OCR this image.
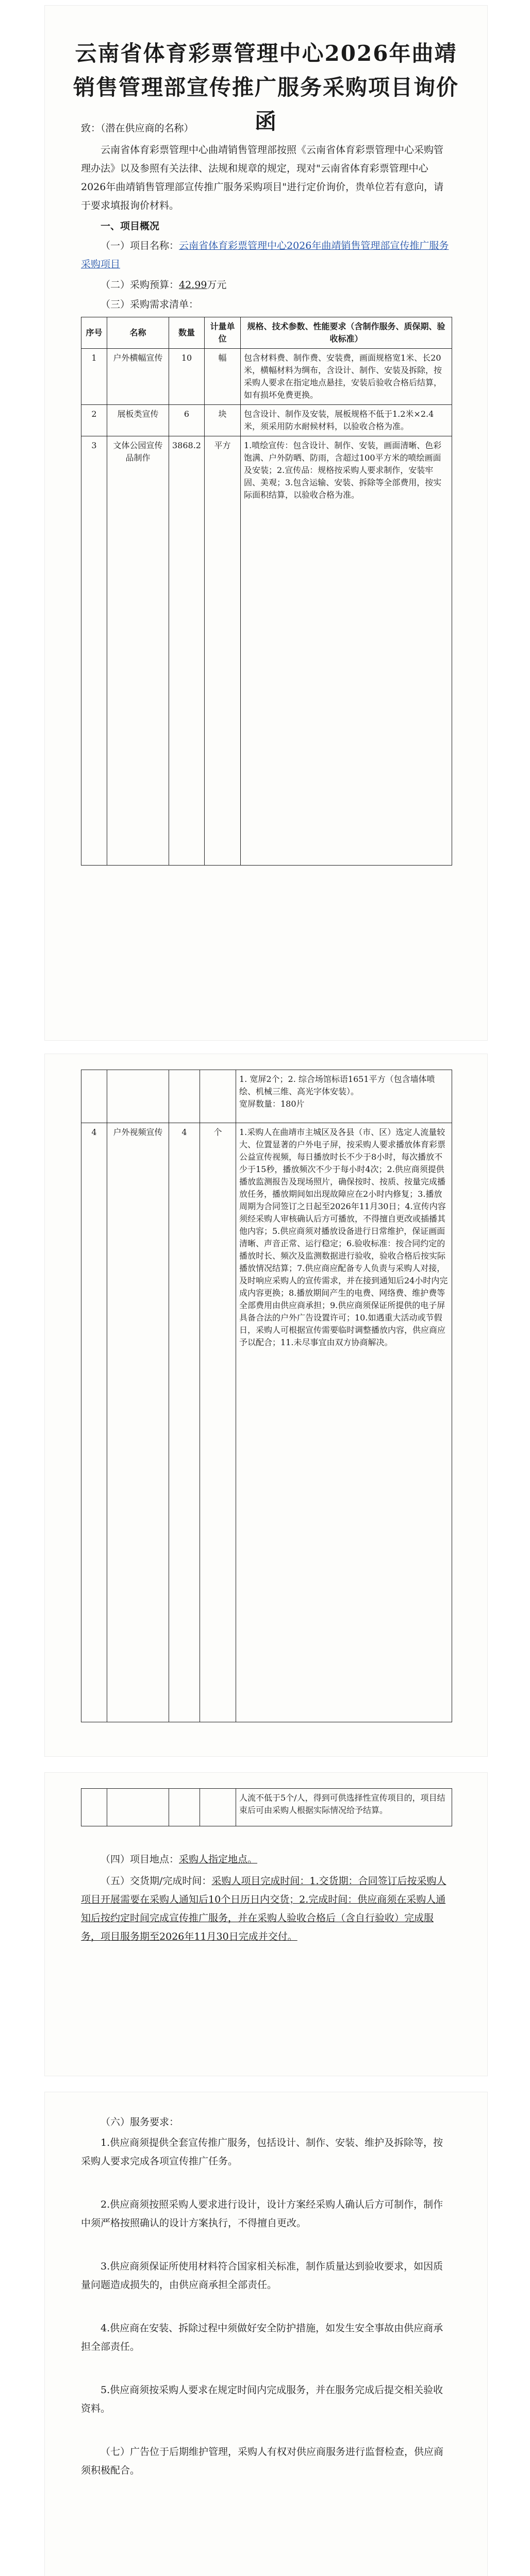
云南省体育彩票管理中心2026年曲靖销售管理部宣传推广服务采购项目询价函
致：（潜在供应商的名称）
云南省体育彩票管理中心曲靖销售管理部按照《云南省体育彩票管理中心采购管理办法》以及参照有关法律、法规和规章的规定，现对"云南省体育彩票管理中心2026年曲靖销售管理部宣传推广服务采购项目"进行定价询价，贵单位若有意向，请于要求填报询价材料。
一、项目概况
（一）项目名称：云南省体育彩票管理中心2026年曲靖销售管理部宣传推广服务采购项目
（二）采购预算：42.99万元
（三）采购需求清单：
序号	名称	数量	计量单位	规格、技术参数、性能要求（含制作服务、质保期、验收标准）
1	户外横幅宣传	10	幅	包含材料费、制作费、安装费，画面规格宽1米、长20米，横幅材料为绸布，含设计、制作、安装及拆除，按采购人要求在指定地点悬挂，安装后验收合格后结算，如有损坏免费更换。
2	展板类宣传	6	块	包含设计、制作及安装，展板规格不低于1.2米×2.4米，须采用防水耐候材料，以验收合格为准。
3	文体公园宣传品制作	3868.2	平方	1.喷绘宣传：包含设计、制作、安装，画面清晰、色彩饱满、户外防晒、防雨，含超过100平方米的喷绘画面及安装；2.宣传品：规格按采购人要求制作，安装牢固、美观；3.包含运输、安装、拆除等全部费用，按实际面积结算，以验收合格为准。

				1. 宽屏2个；2. 综合场馆标语1651平方（包含墙体喷绘、机械三维、高光字体安装）。
宽屏数量：180片

4	户外视频宣传	4	个	1.采购人在曲靖市主城区及各县（市、区）选定人流量较大、位置显著的户外电子屏，按采购人要求播放体育彩票公益宣传视频，每日播放时长不少于8小时，每次播放不少于15秒，播放频次不少于每小时4次；2.供应商须提供播放监测报告及现场照片，确保按时、按质、按量完成播放任务，播放期间如出现故障应在2小时内修复；3.播放周期为合同签订之日起至2026年11月30日；4.宣传内容须经采购人审核确认后方可播放，不得擅自更改或插播其他内容；5.供应商须对播放设备进行日常维护，保证画面清晰、声音正常、运行稳定；6.验收标准：按合同约定的播放时长、频次及监测数据进行验收，验收合格后按实际播放情况结算；7.供应商应配备专人负责与采购人对接，及时响应采购人的宣传需求，并在接到通知后24小时内完成内容更换；8.播放期间产生的电费、网络费、维护费等全部费用由供应商承担；9.供应商须保证所提供的电子屏具备合法的户外广告设置许可；10.如遇重大活动或节假日，采购人可根据宣传需要临时调整播放内容，供应商应予以配合；11.未尽事宜由双方协商解决。
				人流不低于5个/人，得到可供选择性宣传项目的，项目结束后可由采购人根据实际情况给予结算。
（四）项目地点：采购人指定地点。
（五）交货期/完成时间：采购人项目完成时间：1.交货期：合同签订后按采购人项目开展需要在采购人通知后10个日历日内交货；2.完成时间：供应商须在采购人通知后按约定时间完成宣传推广服务，并在采购人验收合格后（含自行验收）完成服务，项目服务期至2026年11月30日完成并交付。
（六）服务要求：
1.供应商须提供全套宣传推广服务，包括设计、制作、安装、维护及拆除等，按采购人要求完成各项宣传推广任务。
2.供应商须按照采购人要求进行设计，设计方案经采购人确认后方可制作，制作中须严格按照确认的设计方案执行，不得擅自更改。
3.供应商须保证所使用材料符合国家相关标准，制作质量达到验收要求，如因质量问题造成损失的，由供应商承担全部责任。
4.供应商在安装、拆除过程中须做好安全防护措施，如发生安全事故由供应商承担全部责任。
5.供应商须按采购人要求在规定时间内完成服务，并在服务完成后提交相关验收资料。
（七）广告位于后期维护管理，采购人有权对供应商服务进行监督检查，供应商须积极配合。
